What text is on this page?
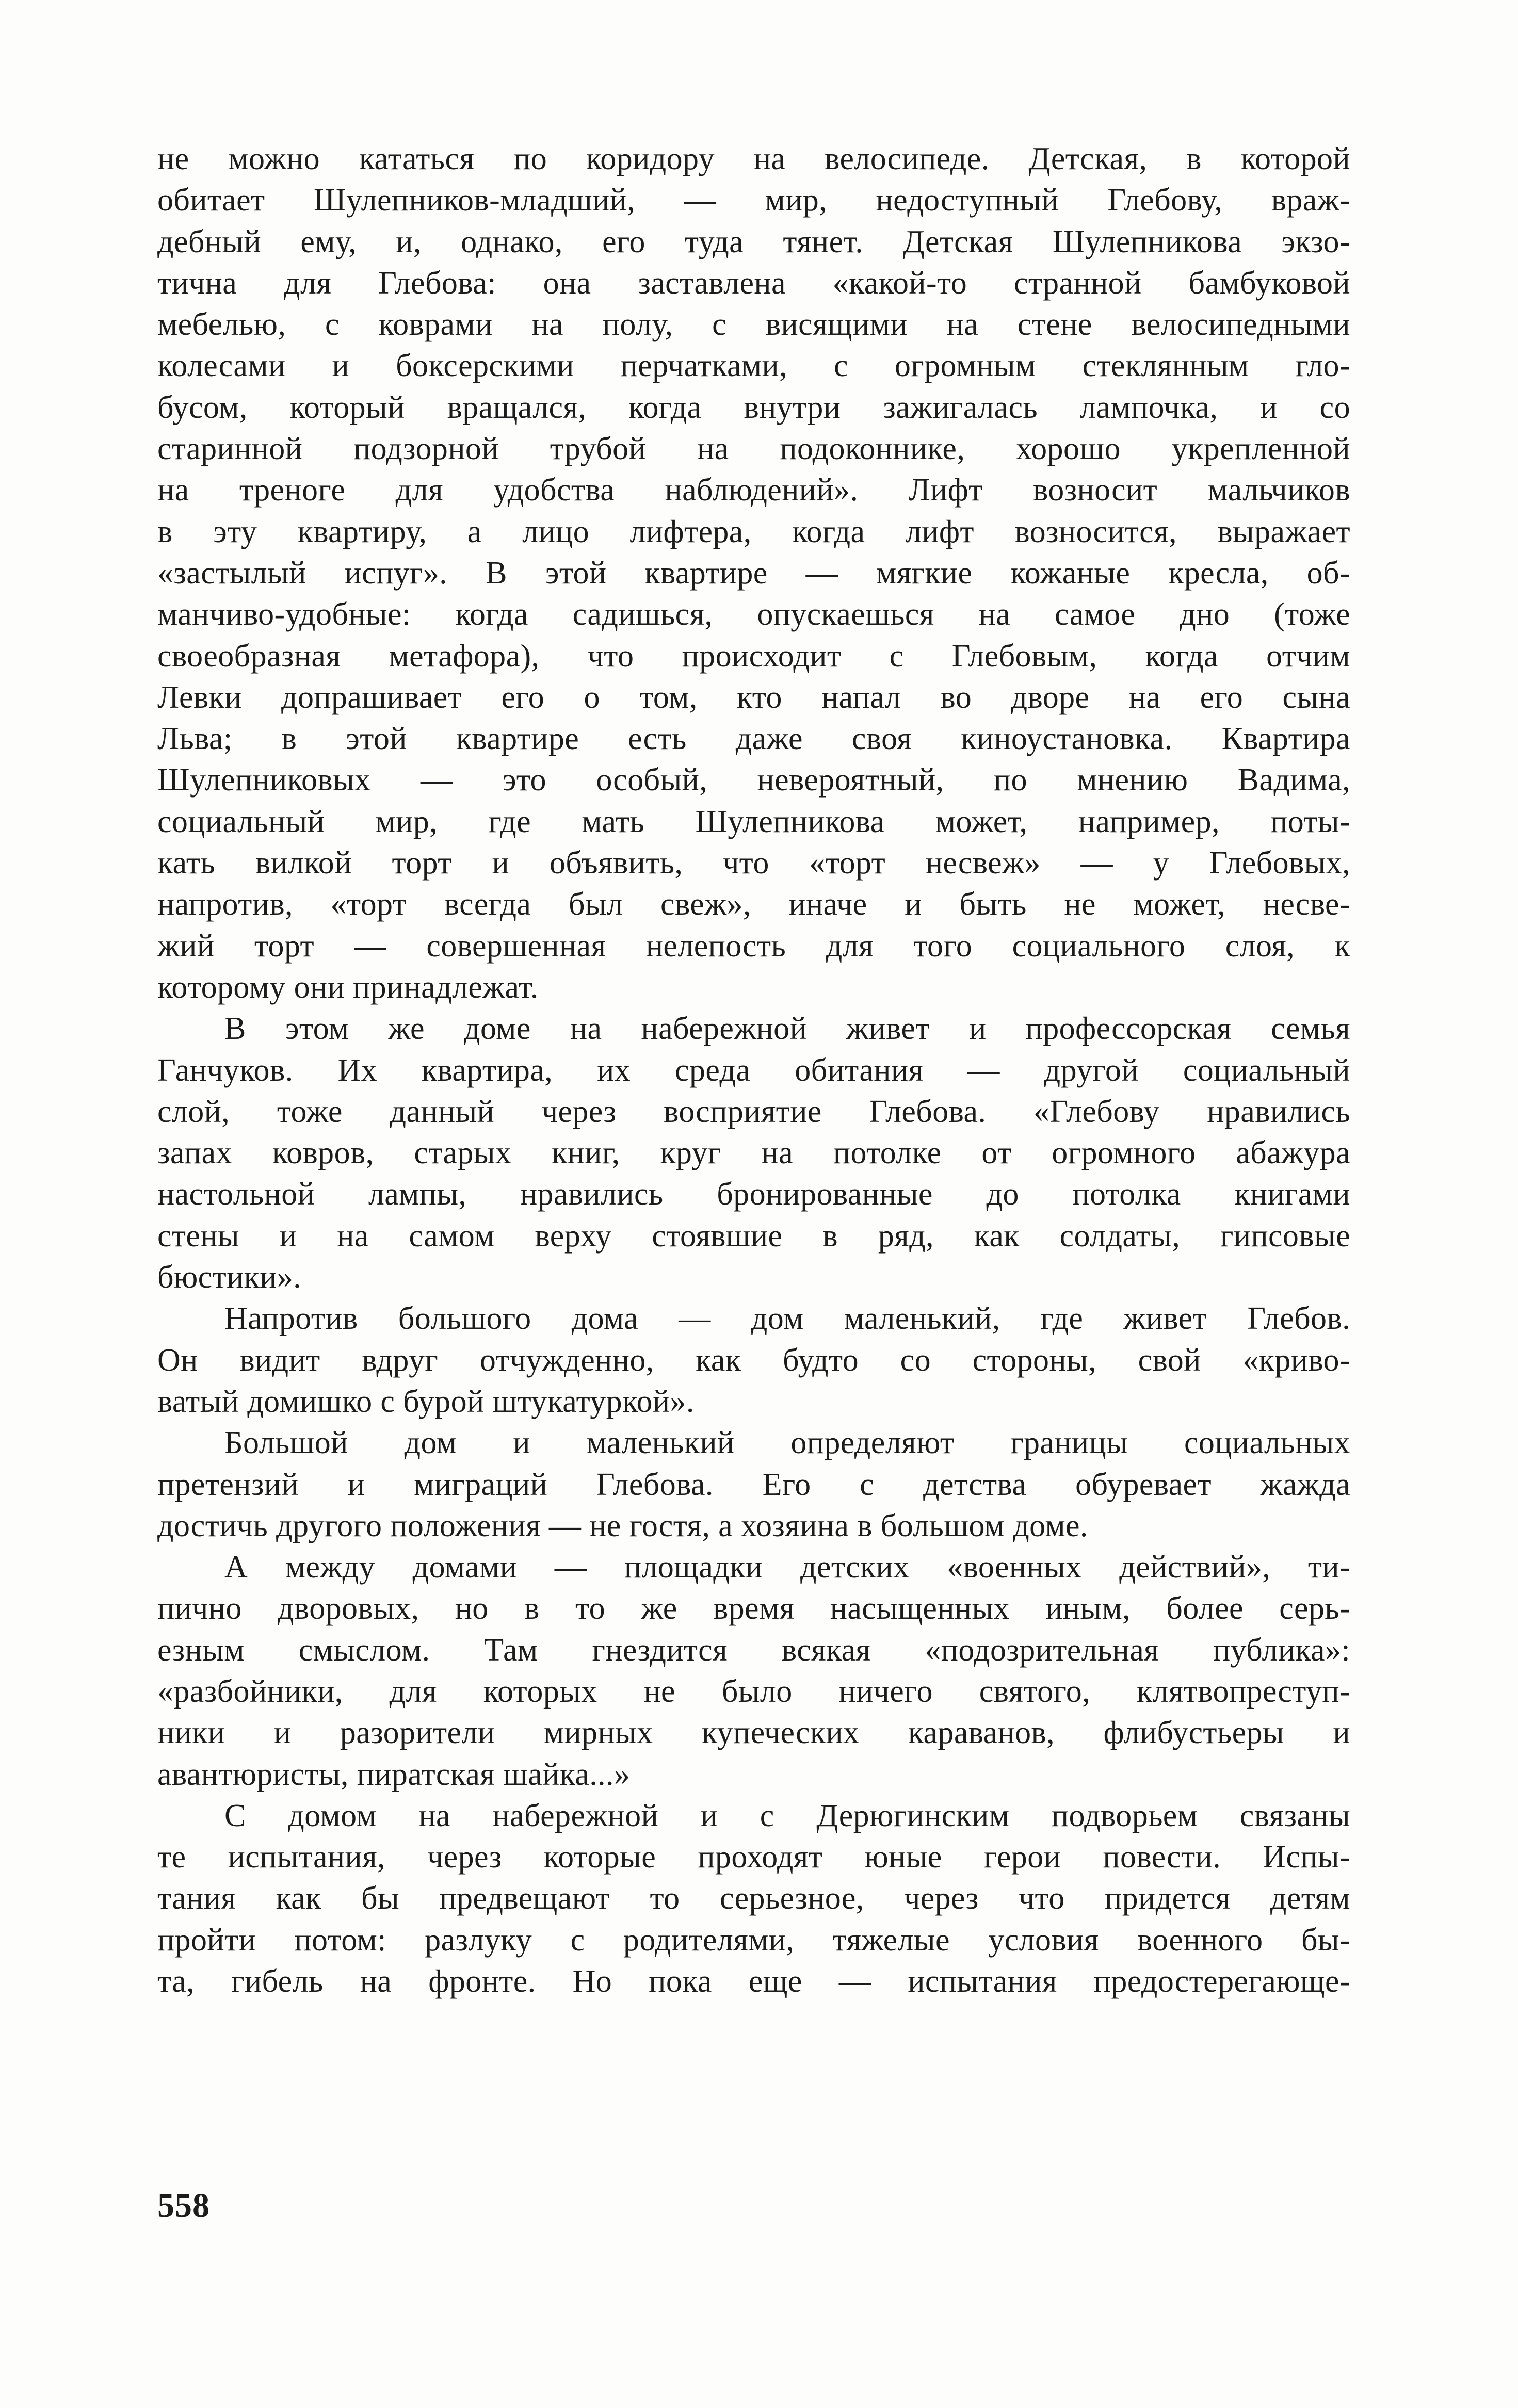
не можно кататься по коридору на велосипеде. Детская, в которой
обитает Шулепников-младший, — мир, недоступный Глебову, враж-
дебный ему, и, однако, его туда тянет. Детская Шулепникова экзо-
тична для Глебова: она заставлена «какой-то странной бамбуковой
мебелью, с коврами на полу, с висящими на стене велосипедными
колесами и боксерскими перчатками, с огромным стеклянным гло-
бусом, который вращался, когда внутри зажигалась лампочка, и со
старинной подзорной трубой на подоконнике, хорошо укрепленной
на треноге для удобства наблюдений». Лифт возносит мальчиков
в эту квартиру, а лицо лифтера, когда лифт возносится, выражает
«застылый испуг». В этой квартире — мягкие кожаные кресла, об-
манчиво-удобные: когда садишься, опускаешься на самое дно (тоже
своеобразная метафора), что происходит с Глебовым, когда отчим
Левки допрашивает его о том, кто напал во дворе на его сына
Льва; в этой квартире есть даже своя киноустановка. Квартира
Шулепниковых — это особый, невероятный, по мнению Вадима,
социальный мир, где мать Шулепникова может, например, поты-
кать вилкой торт и объявить, что «торт несвеж» — у Глебовых,
напротив, «торт всегда был свеж», иначе и быть не может, несве-
жий торт — совершенная нелепость для того социального слоя, к
которому они принадлежат.
В этом же доме на набережной живет и профессорская семья
Ганчуков. Их квартира, их среда обитания — другой социальный
слой, тоже данный через восприятие Глебова. «Глебову нравились
запах ковров, старых книг, круг на потолке от огромного абажура
настольной лампы, нравились бронированные до потолка книгами
стены и на самом верху стоявшие в ряд, как солдаты, гипсовые
бюстики».
Напротив большого дома — дом маленький, где живет Глебов.
Он видит вдруг отчужденно, как будто со стороны, свой «криво-
ватый домишко с бурой штукатуркой».
Большой дом и маленький определяют границы социальных
претензий и миграций Глебова. Его с детства обуревает жажда
достичь другого положения — не гостя, а хозяина в большом доме.
А между домами — площадки детских «военных действий», ти-
пично дворовых, но в то же время насыщенных иным, более серь-
езным смыслом. Там гнездится всякая «подозрительная публика»:
«разбойники, для которых не было ничего святого, клятвопреступ-
ники и разорители мирных купеческих караванов, флибустьеры и
авантюристы, пиратская шайка...»
С домом на набережной и с Дерюгинским подворьем связаны
те испытания, через которые проходят юные герои повести. Испы-
тания как бы предвещают то серьезное, через что придется детям
пройти потом: разлуку с родителями, тяжелые условия военного бы-
та, гибель на фронте. Но пока еще — испытания предостерегающе-
558
